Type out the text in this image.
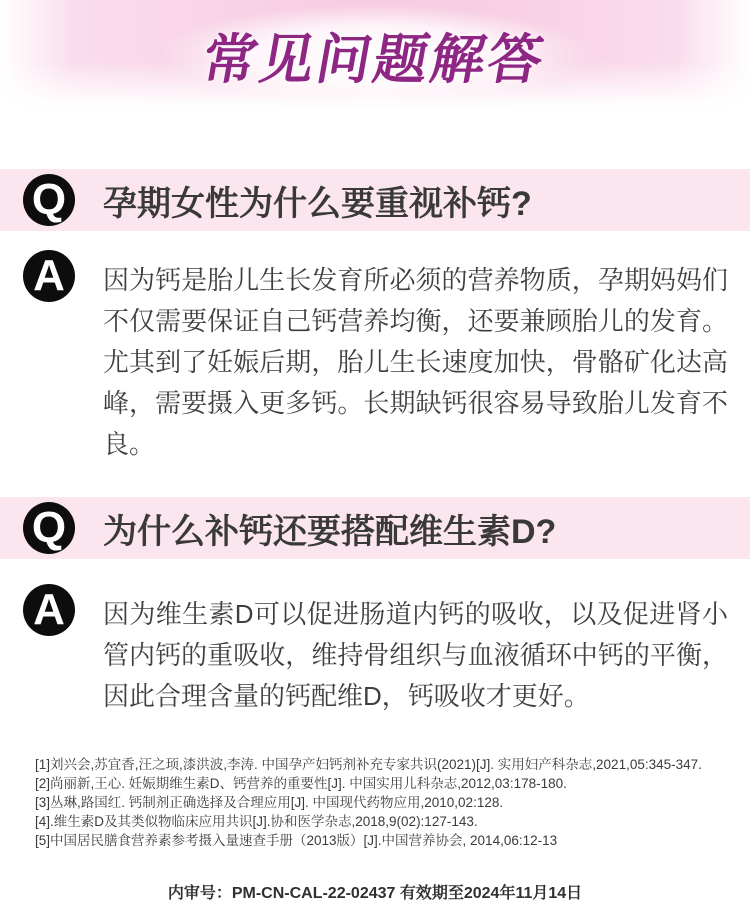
常见问题解答
Q 孕期女性为什么要重视补钙?
A	因为钙是胎儿生长发育所必须的营养物质，孕期妈妈们不仅需要保证自己钙营养均衡，还要兼顾胎儿的发育。尤其到了妊娠后期，胎儿生长速度加快，骨骼矿化达高峰，需要摄入更多钙。长期缺钙很容易导致胎儿发育不良。
Q 为什么补钙还要搭配维生素D?
A	因为维生素D可以促进肠道内钙的吸收，以及促进肾小管内钙的重吸收，维持骨组织与血液循环中钙的平衡，因此合理含量的钙配维D，钙吸收才更好。
[1]刘兴会,苏宜香,汪之顼,漆洪波,李涛. 中国孕产妇钙剂补充专家共识(2021)[J]. 实用妇产科杂志,2021,05:345-347.
[2]尚丽新,王心. 妊娠期维生素D、钙营养的重要性[J]. 中国实用儿科杂志,2012,03:178-180.
[3]丛琳,路国红. 钙制剂正确选择及合理应用[J]. 中国现代药物应用,2010,02:128.
[4].维生素D及其类似物临床应用共识[J].协和医学杂志,2018,9(02):127-143.
[5]中国居民膳食营养素参考摄入量速查手册（2013版）[J].中国营养协会, 2014,06:12-13
内审号：PM-CN-CAL-22-02437 有效期至2024年11月14日
